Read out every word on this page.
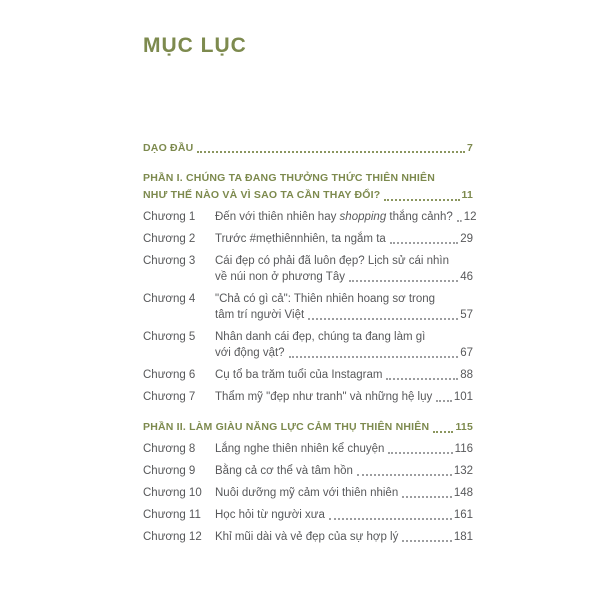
MỤC LỤC
DẠO ĐẦU	7
PHẦN I. CHÚNG TA ĐANG THƯỞNG THỨC THIÊN NHIÊN
NHƯ THẾ NÀO VÀ VÌ SAO TA CẦN THAY ĐỔI?	11
Chương 1	Đến với thiên nhiên hay shopping thắng cảnh? 12
Chương 2	Trước #mẹthiênnhiên, ta ngắm ta	29
Chương 3	Cái đẹp có phải đã luôn đẹp? Lịch sử cái nhìn
về núi non ở phương Tây	46
Chương 4	"Chả có gì cả": Thiên nhiên hoang sơ trong
tâm trí người Việt	57
Chương 5	Nhân danh cái đẹp, chúng ta đang làm gì
với động vật?	67
Chương 6	Cụ tổ ba trăm tuổi của Instagram	88
Chương 7	Thẩm mỹ "đẹp như tranh" và những hệ lụy 101
PHẦN II. LÀM GIÀU NĂNG LỰC CẢM THỤ THIÊN NHIÊN 115
Chương 8	Lắng nghe thiên nhiên kể chuyện	116
Chương 9	Bằng cả cơ thể và tâm hồn	132
Chương 10	Nuôi dưỡng mỹ cảm với thiên nhiên	148
Chương 11	Học hỏi từ người xưa	161
Chương 12	Khỉ mũi dài và vẻ đẹp của sự hợp lý	181
